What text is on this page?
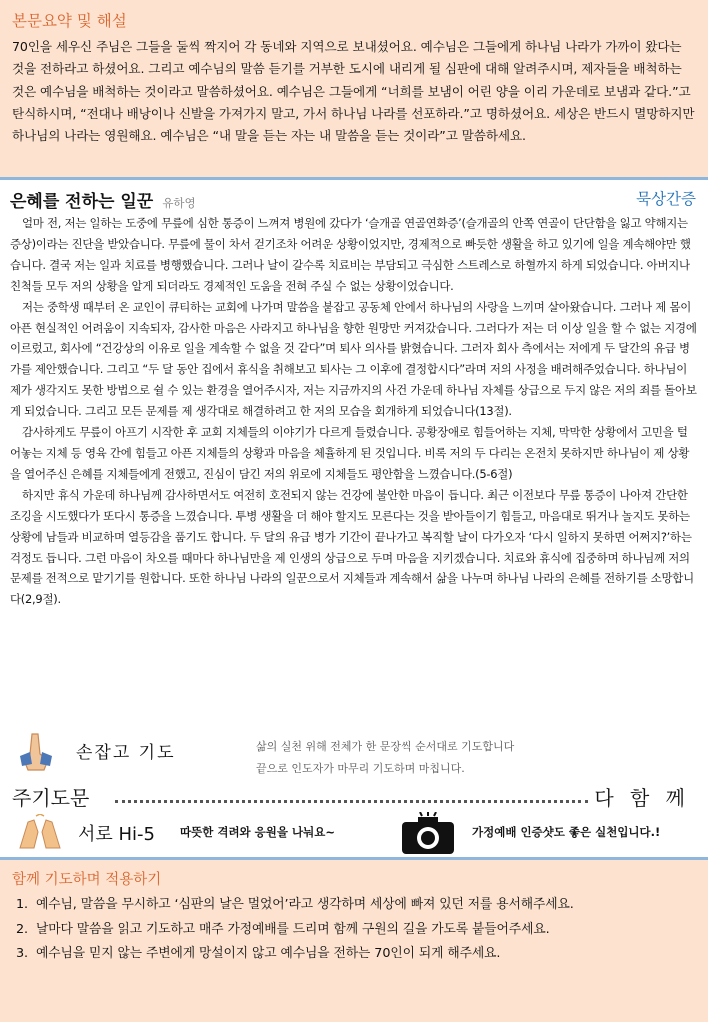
본문요약 및 해설

70인을 세우신 주님은 그들을 둘씩 짝지어 각 동네와 지역으로 보내셨어요. 예수님은 그들에게 하나님 나라가 가까이 왔다는 것을 전하라고 하셨어요. 그리고 예수님의 말씀 듣기를 거부한 도시에 내리게 될 심판에 대해 알려주시며, 제자들을 배척하는 것은 예수님을 배척하는 것이라고 말씀하셨어요. 예수님은 그들에게 “너희를 보냄이 어린 양을 이리 가운데로 보냄과 같다.”고 탄식하시며, “전대나 배낭이나 신발을 가져가지 말고, 가서 하나님 나라를 선포하라.”고 명하셨어요. 세상은 반드시 멸망하지만 하나님의 나라는 영원해요. 예수님은 “내 말을 듣는 자는 내 말씀을 듣는 것이라”고 말씀하세요.

은혜를 전하는 일꾼 유하영	묵상간증

얼마 전, 저는 일하는 도중에 무릎에 심한 통증이 느껴져 병원에 갔다가 ‘슬개골 연골연화증’(슬개골의 안쪽 연골이 단단함을 잃고 약해지는 증상)이라는 진단을 받았습니다. 무릎에 물이 차서 걷기조차 어려운 상황이었지만, 경제적으로 빠듯한 생활을 하고 있기에 일을 계속해야만 했습니다. 결국 저는 일과 치료를 병행했습니다. 그러나 날이 갈수록 치료비는 부담되고 극심한 스트레스로 하혈까지 하게 되었습니다. 아버지나 친척들 모두 저의 상황을 알게 되더라도 경제적인 도움을 전혀 주실 수 없는 상황이었습니다.

저는 중학생 때부터 온 교인이 큐티하는 교회에 나가며 말씀을 붙잡고 공동체 안에서 하나님의 사랑을 느끼며 살아왔습니다. 그러나 제 몸이 아픈 현실적인 어려움이 지속되자, 감사한 마음은 사라지고 하나님을 향한 원망만 커져갔습니다. 그러다가 저는 더 이상 일을 할 수 없는 지경에 이르렀고, 회사에 “건강상의 이유로 일을 계속할 수 없을 것 같다”며 퇴사 의사를 밝혔습니다. 그러자 회사 측에서는 저에게 두 달간의 유급 병가를 제안했습니다. 그리고 “두 달 동안 집에서 휴식을 취해보고 퇴사는 그 이후에 결정합시다”라며 저의 사정을 배려해주었습니다. 하나님이 제가 생각지도 못한 방법으로 쉴 수 있는 환경을 열어주시자, 저는 지금까지의 사건 가운데 하나님 자체를 상급으로 두지 않은 저의 죄를 돌아보게 되었습니다. 그리고 모든 문제를 제 생각대로 해결하려고 한 저의 모습을 회개하게 되었습니다(13절).

감사하게도 무릎이 아프기 시작한 후 교회 지체들의 이야기가 다르게 들렸습니다. 공황장애로 힘들어하는 지체, 막막한 상황에서 고민을 털어놓는 지체 등 영육 간에 힘들고 아픈 지체들의 상황과 마음을 체휼하게 된 것입니다. 비록 저의 두 다리는 온전치 못하지만 하나님이 제 상황을 열어주신 은혜를 지체들에게 전했고, 진심이 담긴 저의 위로에 지체들도 평안함을 느꼈습니다.(5-6절)

하지만 휴식 가운데 하나님께 감사하면서도 여전히 호전되지 않는 건강에 불안한 마음이 듭니다. 최근 이전보다 무릎 통증이 나아져 간단한 조깅을 시도했다가 또다시 통증을 느꼈습니다. 투병 생활을 더 해야 할지도 모른다는 것을 받아들이기 힘들고, 마음대로 뛰거나 놀지도 못하는 상황에 남들과 비교하며 열등감을 품기도 합니다. 두 달의 유급 병가 기간이 끝나가고 복직할 날이 다가오자 ‘다시 일하지 못하면 어쩌지?’하는 걱정도 듭니다. 그런 마음이 차오를 때마다 하나님만을 제 인생의 상급으로 두며 마음을 지키겠습니다. 치료와 휴식에 집중하며 하나님께 저의 문제를 전적으로 맡기기를 원합니다. 또한 하나님 나라의 일꾼으로서 지체들과 계속해서 삶을 나누며 하나님 나라의 은혜를 전하기를 소망합니다(2,9절).

손잡고 기도	삶의 실천 위해 전체가 한 문장씩 순서대로 기도합니다
끝으로 인도자가 마무리 기도하며 마칩니다.
주기도문	다 함 께
서로 Hi-5 따뜻한 격려와 응원을 나눠요~	가정예배 인증샷도 좋은 실천입니다.!
함께 기도하며 적용하기
1. 예수님, 말씀을 무시하고 ‘심판의 날은 멀었어’라고 생각하며 세상에 빠져 있던 저를 용서해주세요.
2. 날마다 말씀을 읽고 기도하고 매주 가정예배를 드리며 함께 구원의 길을 가도록 붙들어주세요.
3. 예수님을 믿지 않는 주변에게 망설이지 않고 예수님을 전하는 70인이 되게 해주세요.
